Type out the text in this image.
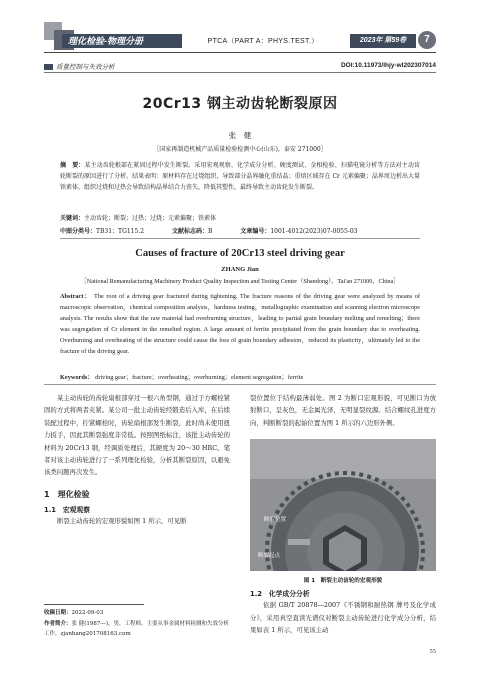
理化检验-物理分册	PTCA（PART A：PHYS.TEST.）	2023年 第59卷	7
质量控制与失效分析	DOI:10.11973/lhjy-wl202307014
20Cr13 钢主动齿轮断裂原因
张　健
［国家再制造机械产品质量检验检测中心(山东)，泰安 271000］
摘　要：某主动齿轮根部在紧固过程中发生断裂。采用宏观观察、化学成分分析、硬度测试、金相检验、扫描电镜分析等方法对主动齿轮断裂的原因进行了分析。结果表明：原材料存在过烧组织，导致部分晶界融化重结晶；重熔区域存在 Cr 元素偏聚；晶界周边析出大量铁素体，组织过烧和过热会导致结构晶界结合力丧失，降低其塑性，最终导致主动齿轮发生断裂。
关键词：主动齿轮；断裂；过热；过烧；元素偏聚；铁素体
中图分类号：TB31；TG115.2	文献标志码：B	文章编号：1001-4012(2023)07-0055-03
Causes of fracture of 20Cr13 steel driving gear
ZHANG Jian
［National Remanufacturing Machinery Product Quality Inspection and Testing Center（Shandong），Tai'an 271000，China］
Abstract： The root of a driving gear fractured during tightening. The fracture reasons of the driving gear were analyzed by means of macroscopic observation，chemical composition analysis，hardness testing，metallographic examination and scanning electron microscope analysis. The results show that the raw material had overburning structure，leading to partial grain boundary melting and remelting；there was segregation of Cr element in the remelted region. A large amount of ferrite precipitated from the grain boundary due to overheating. Overburning and overheating of the structure could cause the loss of grain boundary adhesion，reduced its plasticity，ultimately led to the fracture of the driving gear.
Keywords： driving gear；fracture；overheating；overburning；element segregation；ferrite

某主动齿轮的齿轮扇根部穿过一根六角型钢，通过于方螺栓紧固的方式将两者夹紧。某公司一批主动齿轮经锻造后入库，在后续装配过程中，拧紧螺栓时，齿轮扇根部发生断裂，此时尚未使用扭力扳手，因此其断裂强度非常低。按照图纸标注，该批主动齿轮的材料为 20Cr13 钢，经调质处理后，其硬度为 20～30 HRC。笔者对该主动齿轮进行了一系列理化检验，分析其断裂原因，以避免该类问题再次发生。

1　理化检验
1.1　宏观观察

断裂主动齿轮的宏观形貌如图 1 所示，可见断

裂位置位于结构最薄弱处。图 2 为断口宏观形貌，可见断口为放射断口，呈灰色，无金属光泽，无明显裂纹源。结合螺纹孔进度方向，判断断裂的起始位置为图 1 所示的六边形外侧。

断裂位置
断裂起点
图 1　断裂主动齿轮的宏观形貌
1.2　化学成分分析

依据 GB/T 20878—2007《不锈钢和耐热钢 牌号及化学成分》，采用真空直读光谱仪对断裂主动齿轮进行化学成分分析，结果如表 1 所示，可见该主动

收稿日期：2022-09-03
作者简介：张 健(1987—)，男，工程师，主要从事金属材料检测和失效分析工作，zjanhang201708163.com
55
